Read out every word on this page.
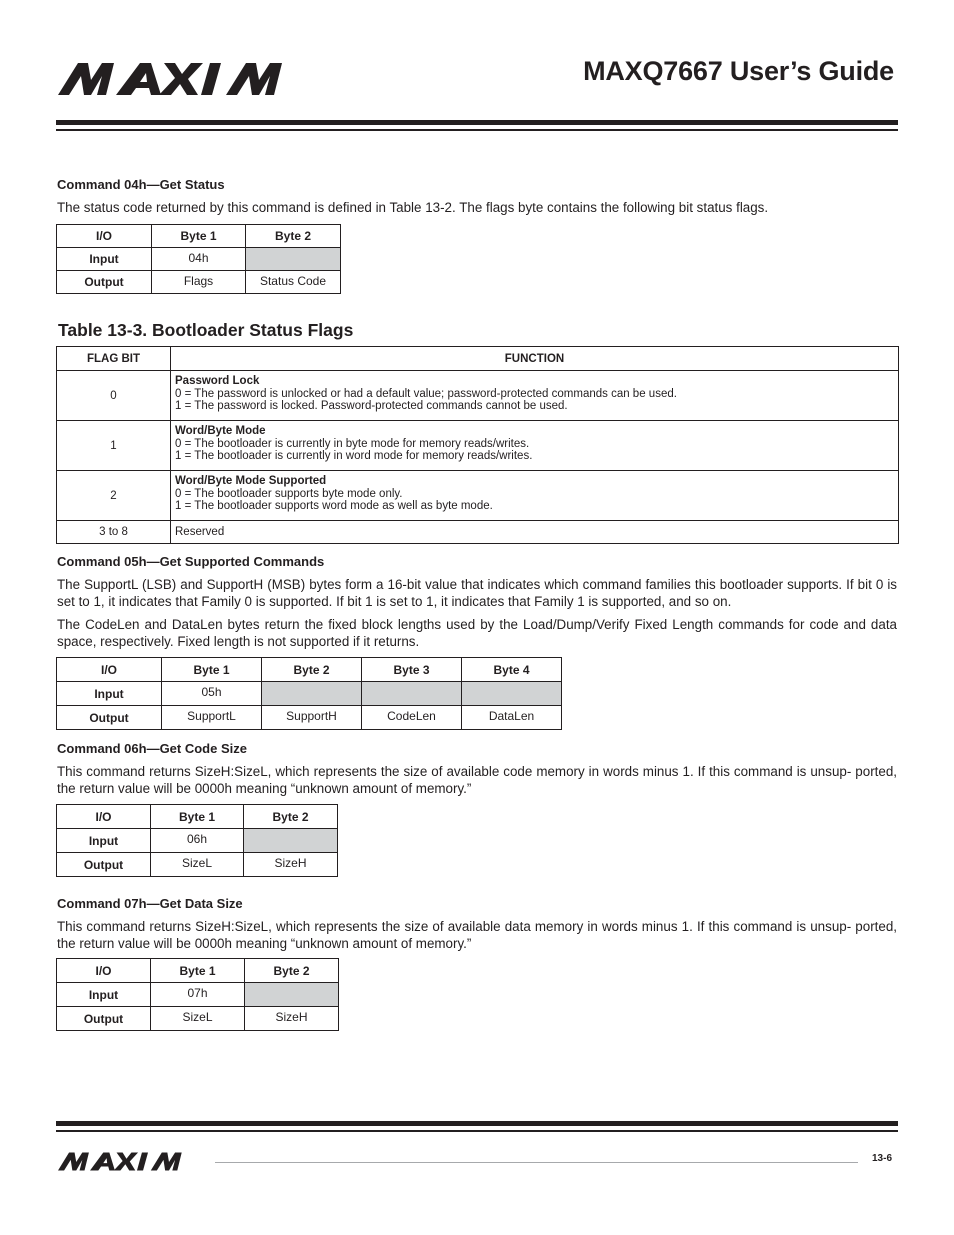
MAXQ7667 User’s Guide
Command 04h—Get Status

The status code returned by this command is defined in Table 13-2. The flags byte contains the following bit status flags.

I/O	Byte 1	Byte 2
Input	04h	
Output	Flags	Status Code
Table 13-3. Bootloader Status Flags
FLAG BIT	FUNCTION
0	Password Lock
0 = The password is unlocked or had a default value; password-protected commands can be used.
1 = The password is locked. Password-protected commands cannot be used.

1	Word/Byte Mode
0 = The bootloader is currently in byte mode for memory reads/writes.
1 = The bootloader is currently in word mode for memory reads/writes.

2	Word/Byte Mode Supported
0 = The bootloader supports byte mode only.
1 = The bootloader supports word mode as well as byte mode.

3 to 8	Reserved
Command 05h—Get Supported Commands

The SupportL (LSB) and SupportH (MSB) bytes form a 16-bit value that indicates which command families this bootloader supports. If bit 0 is set to 1, it indicates that Family 0 is supported. If bit 1 is set to 1, it indicates that Family 1 is supported, and so on.

The CodeLen and DataLen bytes return the fixed block lengths used by the Load/Dump/Verify Fixed Length commands for code and data space, respectively. Fixed length is not supported if it returns.

I/O	Byte 1	Byte 2	Byte 3	Byte 4
Input	05h			
Output	SupportL	SupportH	CodeLen	DataLen
Command 06h—Get Code Size

This command returns SizeH:SizeL, which represents the size of available code memory in words minus 1. If this command is unsup- ported, the return value will be 0000h meaning “unknown amount of memory.”

I/O	Byte 1	Byte 2
Input	06h	
Output	SizeL	SizeH
Command 07h—Get Data Size

This command returns SizeH:SizeL, which represents the size of available data memory in words minus 1. If this command is unsup- ported, the return value will be 0000h meaning “unknown amount of memory.”

I/O	Byte 1	Byte 2
Input	07h	
Output	SizeL	SizeH
13-6
